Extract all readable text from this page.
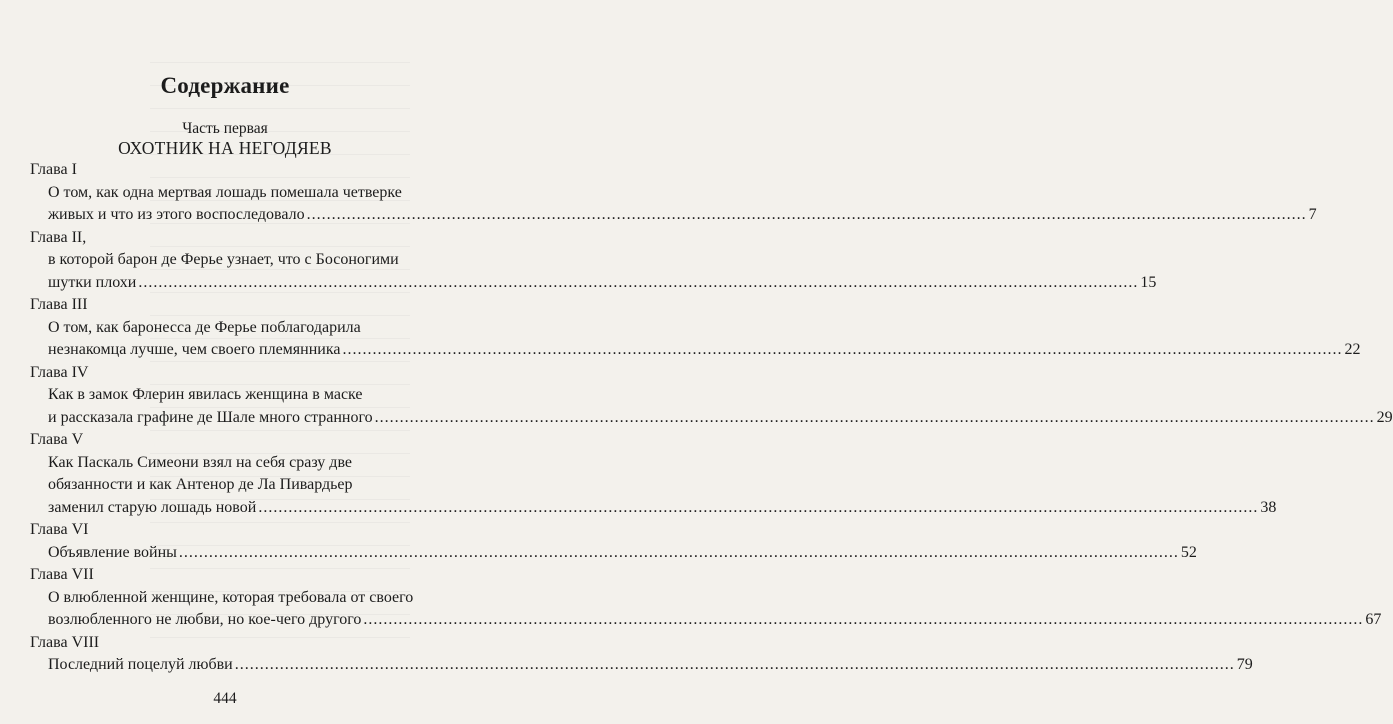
Содержание
Часть первая
ОХОТНИК НА НЕГОДЯЕВ
Глава I
О том, как одна мертвая лошадь помешала четверке
живых и что из этого воспоследовало ........................................................................................................................................................................................................ 7
Глава II,
в которой барон де Ферье узнает, что с Босоногими
шутки плохи ........................................................................................................................................................................................................ 15
Глава III
О том, как баронесса де Ферье поблагодарила
незнакомца лучше, чем своего племянника ........................................................................................................................................................................................................ 22
Глава IV
Как в замок Флерин явилась женщина в маске
и рассказала графине де Шале много странного ........................................................................................................................................................................................................ 29
Глава V
Как Паскаль Симеони взял на себя сразу две
обязанности и как Антенор де Ла Пивардьер
заменил старую лошадь новой ........................................................................................................................................................................................................ 38
Глава VI
Объявление войны ........................................................................................................................................................................................................ 52
Глава VII
О влюбленной женщине, которая требовала от своего
возлюбленного не любви, но кое-чего другого ........................................................................................................................................................................................................ 67
Глава VIII
Последний поцелуй любви ........................................................................................................................................................................................................ 79
444
